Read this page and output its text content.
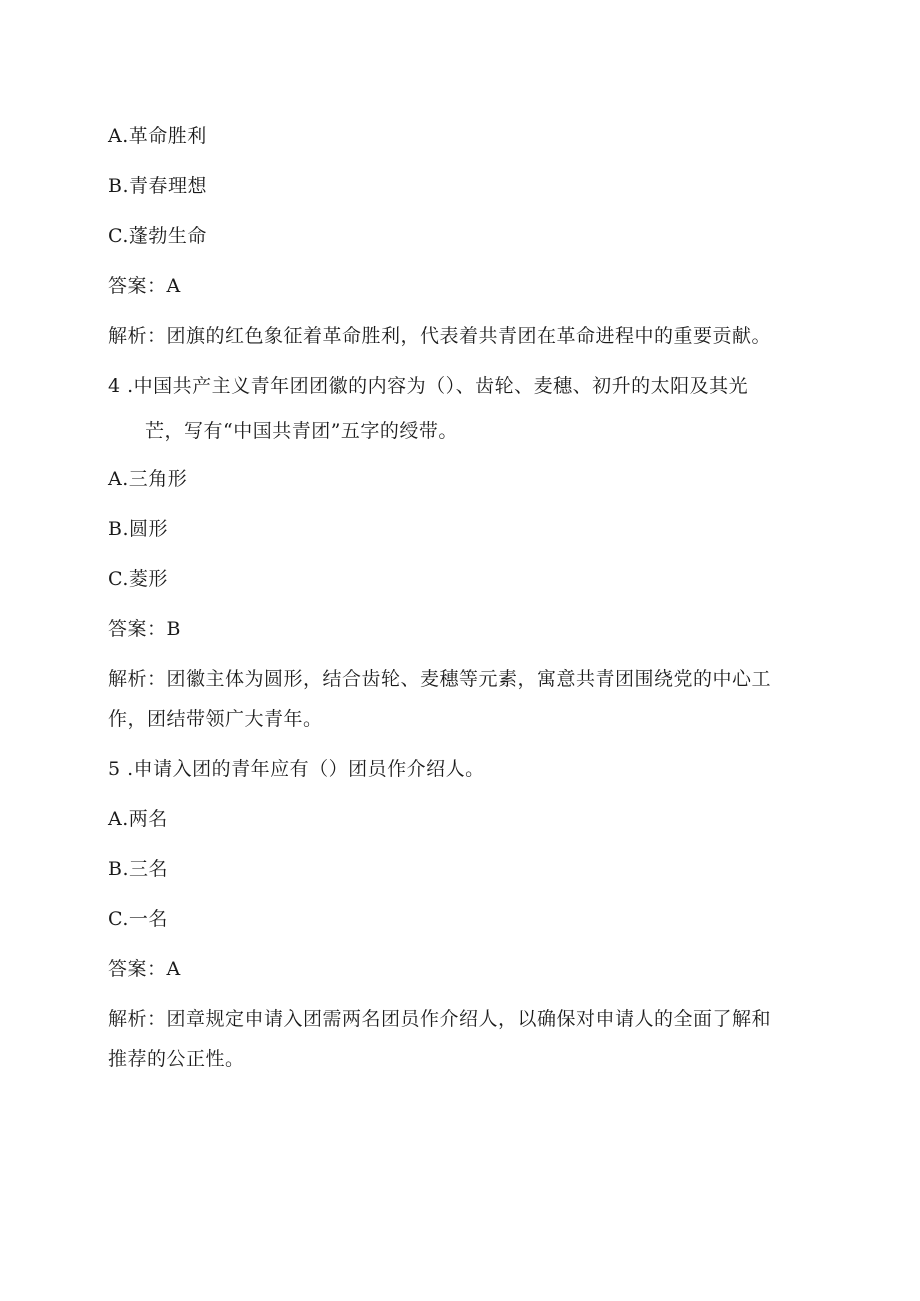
A.革命胜利
B.青春理想
C.蓬勃生命
答案：A
解析：团旗的红色象征着革命胜利，代表着共青团在革命进程中的重要贡献。
4 .中国共产主义青年团团徽的内容为（）、齿轮、麦穗、初升的太阳及其光
芒，写有“中国共青团”五字的绶带。
A.三角形
B.圆形
C.菱形
答案：B
解析：团徽主体为圆形，结合齿轮、麦穗等元素，寓意共青团围绕党的中心工
作，团结带领广大青年。
5 .申请入团的青年应有（）团员作介绍人。
A.两名
B.三名
C.一名
答案：A
解析：团章规定申请入团需两名团员作介绍人，以确保对申请人的全面了解和
推荐的公正性。
